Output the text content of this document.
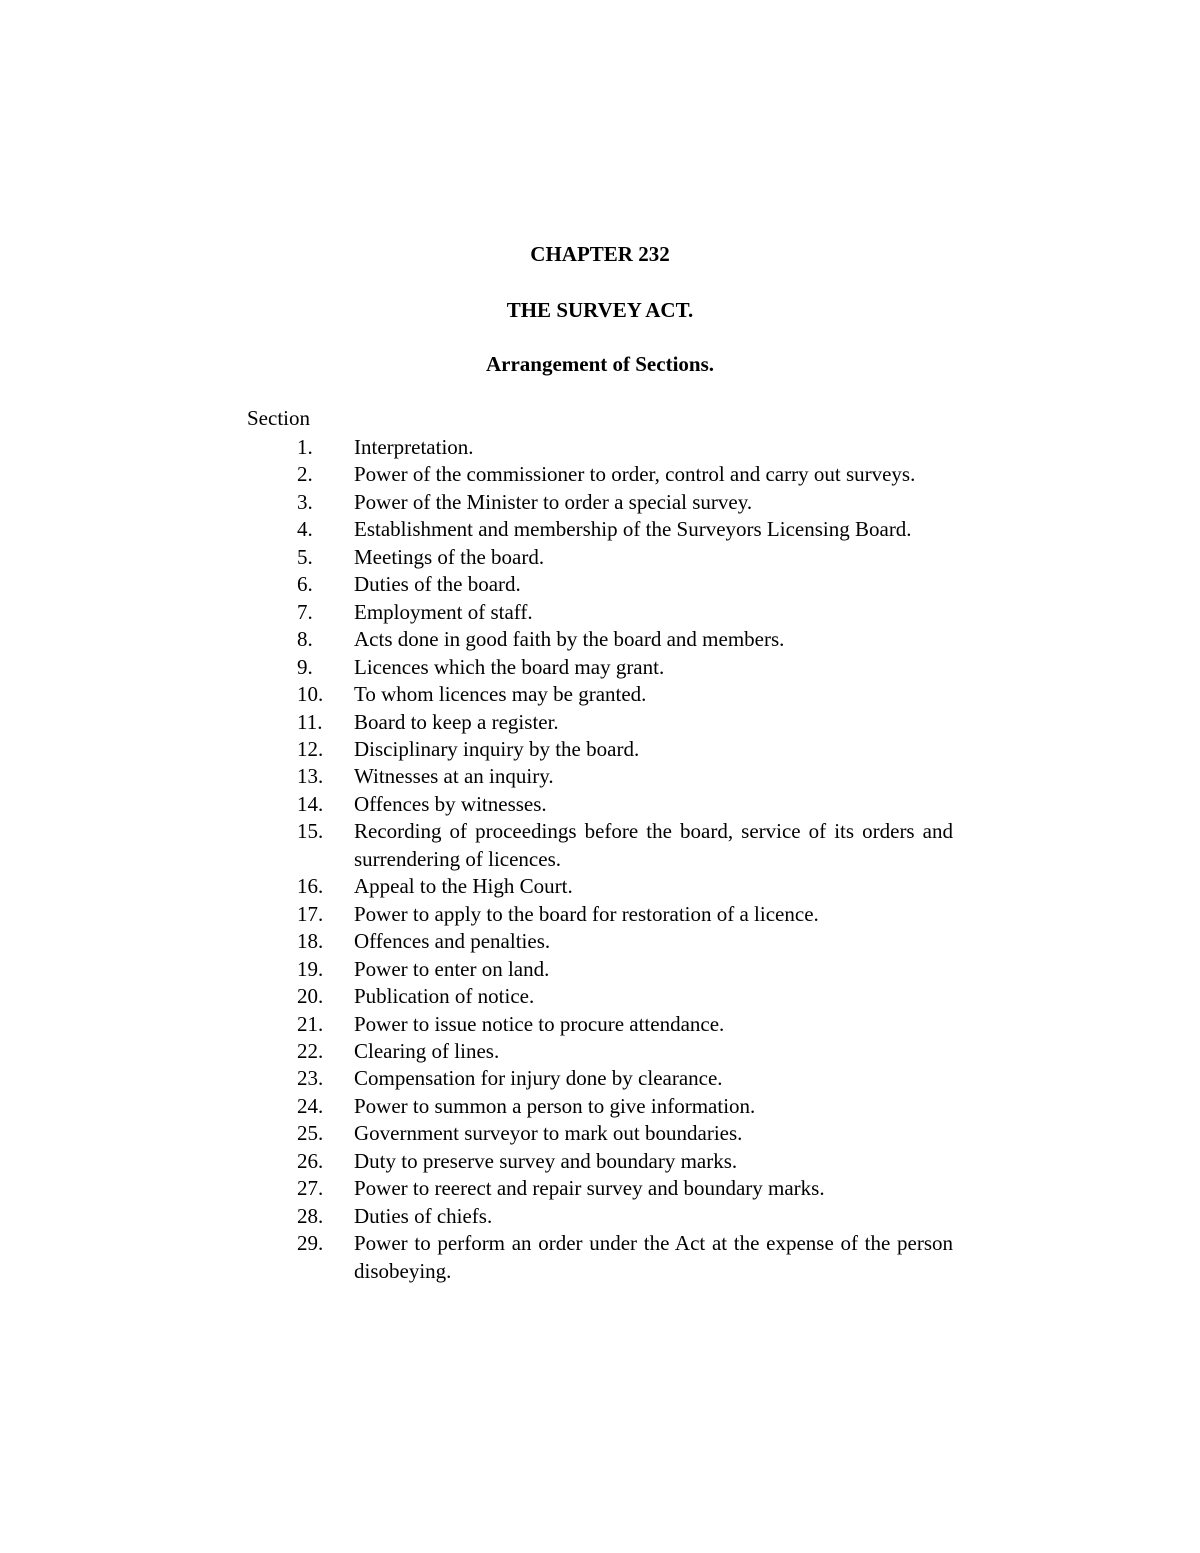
CHAPTER 232

THE SURVEY ACT.

Arrangement of Sections.

Section

1.	Interpretation.
2.	Power of the commissioner to order, control and carry out surveys.
3.	Power of the Minister to order a special survey.
4.	Establishment and membership of the Surveyors Licensing Board.
5.	Meetings of the board.
6.	Duties of the board.
7.	Employment of staff.
8.	Acts done in good faith by the board and members.
9.	Licences which the board may grant.
10.	To whom licences may be granted.
11.	Board to keep a register.
12.	Disciplinary inquiry by the board.
13.	Witnesses at an inquiry.
14.	Offences by witnesses.
15.	Recording of proceedings before the board, service of its orders and surrendering of licences.
16.	Appeal to the High Court.
17.	Power to apply to the board for restoration of a licence.
18.	Offences and penalties.
19.	Power to enter on land.
20.	Publication of notice.
21.	Power to issue notice to procure attendance.
22.	Clearing of lines.
23.	Compensation for injury done by clearance.
24.	Power to summon a person to give information.
25.	Government surveyor to mark out boundaries.
26.	Duty to preserve survey and boundary marks.
27.	Power to reerect and repair survey and boundary marks.
28.	Duties of chiefs.
29.	Power to perform an order under the Act at the expense of the person disobeying.
